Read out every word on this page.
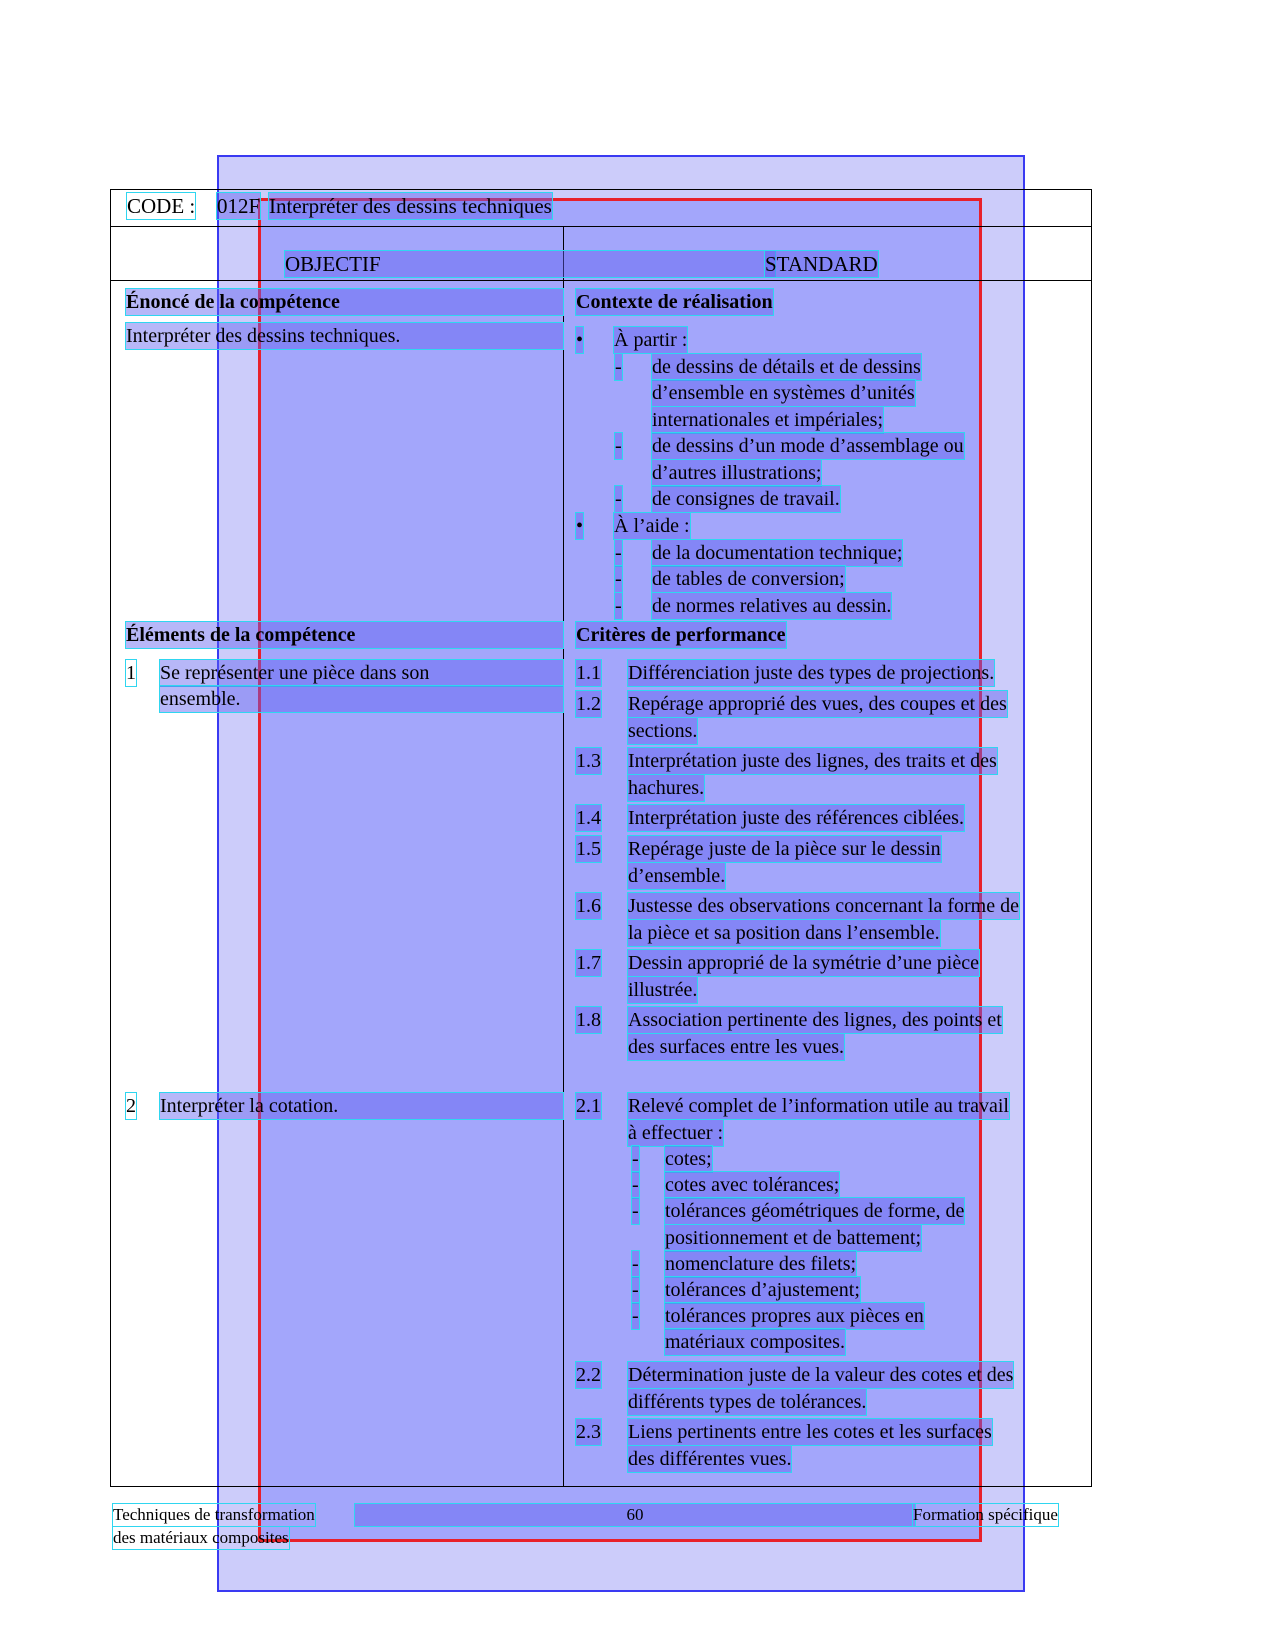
CODE : 012F Interpréter des dessins techniques
OBJECTIF	STANDARD
Énoncé de la compétence
Interpréter des dessins techniques.
Contexte de réalisation
• À partir :
- de dessins de détails et de dessins
d’ensemble en systèmes d’unités
internationales et impériales;
- de dessins d’un mode d’assemblage ou
d’autres illustrations;
- de consignes de travail.
• À l’aide :
- de la documentation technique;
- de tables de conversion;
- de normes relatives au dessin.
Éléments de la compétence
1 Se représenter une pièce dans son
ensemble.
2 Interpréter la cotation.
Critères de performance
1.1 Différenciation juste des types de projections.
1.2 Repérage approprié des vues, des coupes et des
sections.
1.3 Interprétation juste des lignes, des traits et des
hachures.
1.4 Interprétation juste des références ciblées.
1.5 Repérage juste de la pièce sur le dessin
d’ensemble.
1.6 Justesse des observations concernant la forme de
la pièce et sa position dans l’ensemble.
1.7 Dessin approprié de la symétrie d’une pièce
illustrée.
1.8 Association pertinente des lignes, des points et
des surfaces entre les vues.
2.1 Relevé complet de l’information utile au travail
à effectuer :
- cotes;
- cotes avec tolérances;
- tolérances géométriques de forme, de
positionnement et de battement;
- nomenclature des filets;
- tolérances d’ajustement;
- tolérances propres aux pièces en
matériaux composites.
2.2 Détermination juste de la valeur des cotes et des
différents types de tolérances.
2.3 Liens pertinents entre les cotes et les surfaces
des différentes vues.
Techniques de transformation
des matériaux composites
60	Formation spécifique
